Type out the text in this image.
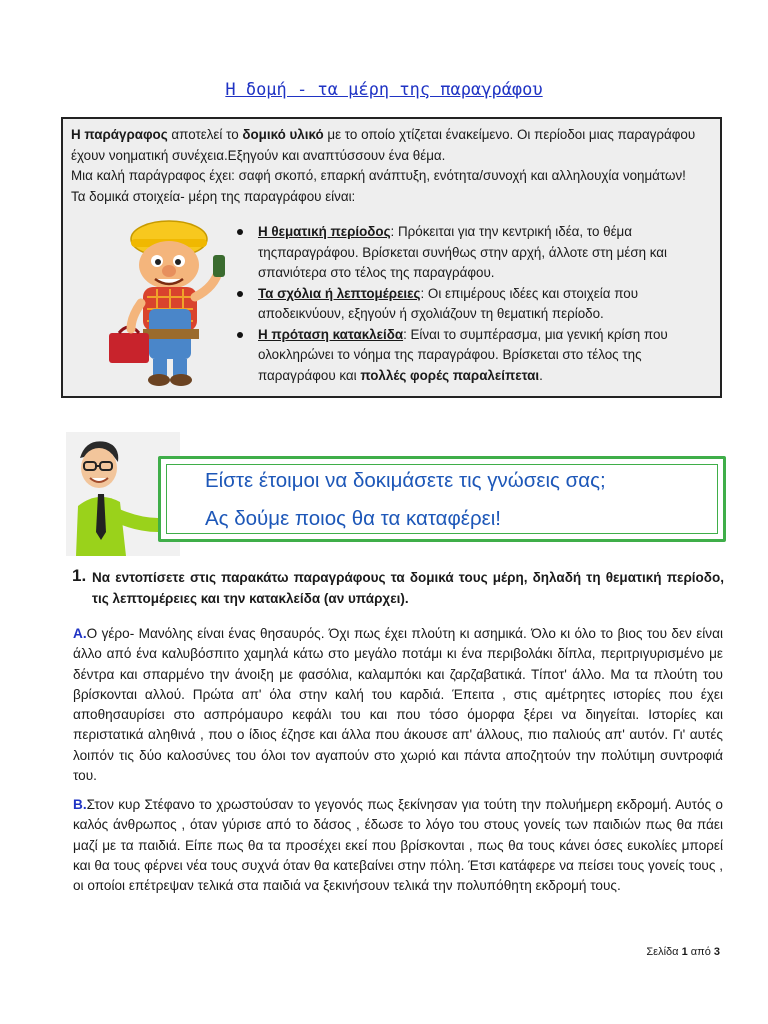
Η δομή - τα μέρη της παραγράφου

Η παράγραφος αποτελεί το δομικό υλικό με το οποίο χτίζεται ένακείμενο. Οι περίοδοι μιας παραγράφου έχουν νοηματική συνέχεια.Εξηγούν και αναπτύσσουν ένα θέμα.

Μια καλή παράγραφος έχει: σαφή σκοπό, επαρκή ανάπτυξη, ενότητα/συνοχή και αλληλουχία νοημάτων!

Τα δομικά στοιχεία- μέρη της παραγράφου είναι:

Η θεματική περίοδος: Πρόκειται για την κεντρική ιδέα, το θέμα τηςπαραγράφου. Βρίσκεται συνήθως στην αρχή, άλλοτε στη μέση και σπανιότερα στο τέλος της παραγράφου.
Τα σχόλια ή λεπτομέρειες: Οι επιμέρους ιδέες και στοιχεία που αποδεικνύουν, εξηγούν ή σχολιάζουν τη θεματική περίοδο.
Η πρόταση κατακλείδα: Είναι το συμπέρασμα, μια γενική κρίση που ολοκληρώνει το νόημα της παραγράφου. Βρίσκεται στο τέλος της παραγράφου και πολλές φορές παραλείπεται.
Είστε έτοιμοι να δοκιμάσετε τις γνώσεις σας;
Ας δούμε ποιος θα τα καταφέρει!
1. Να εντοπίσετε στις παρακάτω παραγράφους τα δομικά τους μέρη, δηλαδή τη θεματική περίοδο, τις λεπτομέρειες και την κατακλείδα (αν υπάρχει).
Α.Ο γέρο- Μανόλης είναι ένας θησαυρός. Όχι πως έχει πλούτη κι ασημικά. Όλο κι όλο το βιος του δεν είναι άλλο από ένα καλυβόσπιτο χαμηλά κάτω στο μεγάλο ποτάμι κι ένα περιβολάκι δίπλα, περιτριγυρισμένο με δέντρα και σπαρμένο την άνοιξη με φασόλια, καλαμπόκι και ζαρζαβατικά. Τίποτ' άλλο. Μα τα πλούτη του βρίσκονται αλλού. Πρώτα απ' όλα στην καλή του καρδιά. Έπειτα , στις αμέτρητες ιστορίες που έχει αποθησαυρίσει στο ασπρόμαυρο κεφάλι του και που τόσο όμορφα ξέρει να διηγείται. Ιστορίες και περιστατικά αληθινά , που ο ίδιος έζησε και άλλα που άκουσε απ' άλλους, πιο παλιούς απ' αυτόν. Γι' αυτές λοιπόν τις δύο καλοσύνες του όλοι τον αγαπούν στο χωριό και πάντα αποζητούν την πολύτιμη συντροφιά του.
Β.Στον κυρ Στέφανο το χρωστούσαν το γεγονός πως ξεκίνησαν για τούτη την πολυήμερη εκδρομή. Αυτός ο καλός άνθρωπος , όταν γύρισε από το δάσος , έδωσε το λόγο του στους γονείς των παιδιών πως θα πάει μαζί με τα παιδιά. Είπε πως θα τα προσέχει εκεί που βρίσκονται , πως θα τους κάνει όσες ευκολίες μπορεί και θα τους φέρνει νέα τους συχνά όταν θα κατεβαίνει στην πόλη. Έτσι κατάφερε να πείσει τους γονείς τους , οι οποίοι επέτρεψαν τελικά στα παιδιά να ξεκινήσουν τελικά την πολυπόθητη εκδρομή τους.
Σελίδα 1 από 3
